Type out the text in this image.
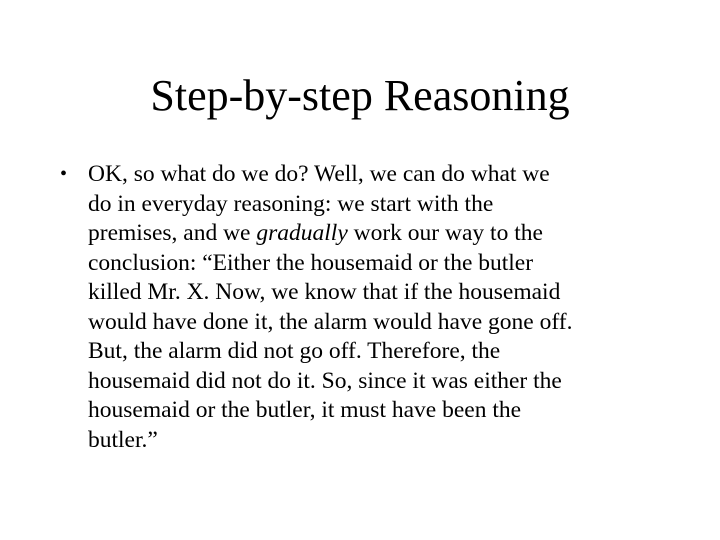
Step-by-step Reasoning
• OK, so what do we do? Well, we can do what we
do in everyday reasoning: we start with the
premises, and we gradually work our way to the
conclusion: “Either the housemaid or the butler
killed Mr. X. Now, we know that if the housemaid
would have done it, the alarm would have gone off.
But, the alarm did not go off. Therefore, the
housemaid did not do it. So, since it was either the
housemaid or the butler, it must have been the
butler.”
